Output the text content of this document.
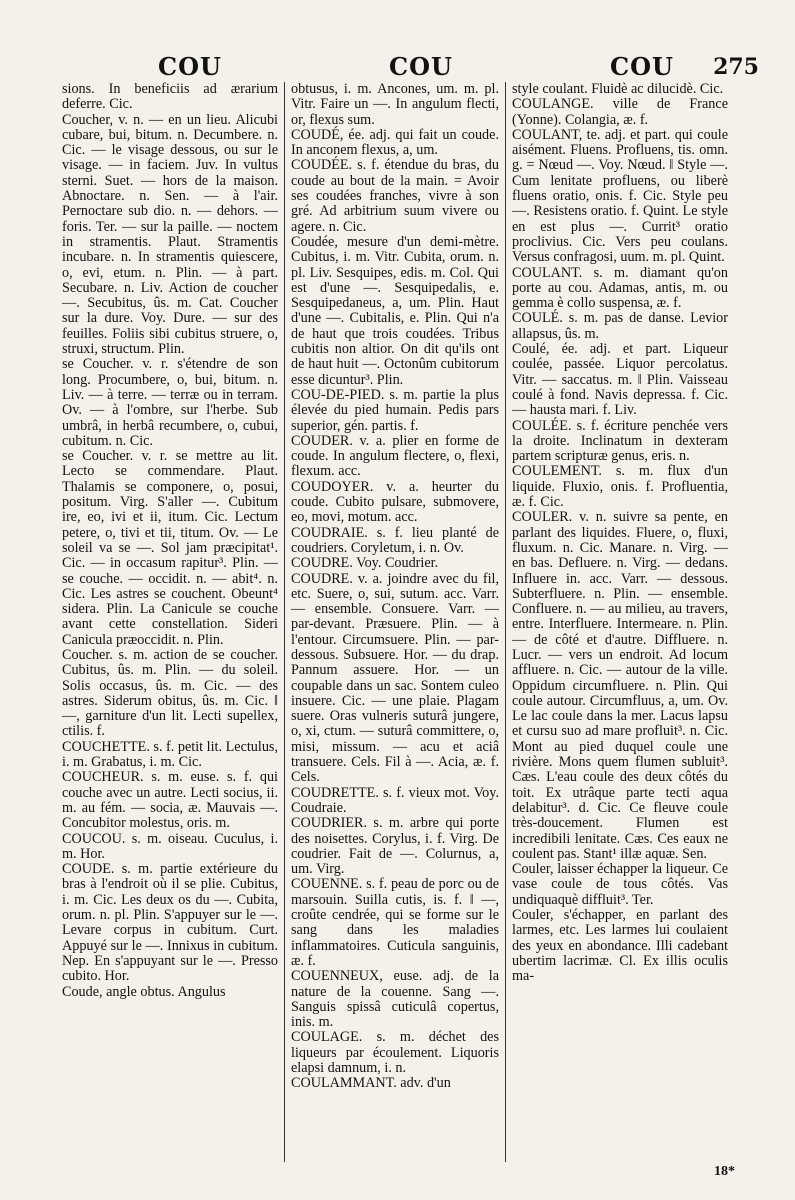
COU	COU	COU 275

sions. In beneficiis ad ærarium deferre. Cic.

Coucher, v. n. — en un lieu. Alicubi cubare, bui, bitum. n. Decumbere. n. Cic. — le visage dessous, ou sur le visage. — in faciem. Juv. In vultus sterni. Suet. — hors de la maison. Abnoctare. n. Sen. — à l'air. Pernoctare sub dio. n. — dehors. — foris. Ter. — sur la paille. — noctem in stramentis. Plaut. Stramentis incubare. n. In stramentis quiescere, o, evi, etum. n. Plin. — à part. Secubare. n. Liv. Action de coucher —. Secubitus, ûs. m. Cat. Coucher sur la dure. Voy. Dure. — sur des feuilles. Foliis sibi cubitus struere, o, struxi, structum. Plin.

se Coucher. v. r. s'étendre de son long. Procumbere, o, bui, bitum. n. Liv. — à terre. — terræ ou in terram. Ov. — à l'ombre, sur l'herbe. Sub umbrâ, in herbâ recumbere, o, cubui, cubitum. n. Cic.

se Coucher. v. r. se mettre au lit. Lecto se commendare. Plaut. Thalamis se componere, o, posui, positum. Virg. S'aller —. Cubitum ire, eo, ivi et ii, itum. Cic. Lectum petere, o, tivi et tii, titum. Ov. — Le soleil va se —. Sol jam præcipitat¹. Cic. — in occasum rapitur³. Plin. — se couche. — occidit. n. — abit⁴. n. Cic. Les astres se couchent. Obeunt⁴ sidera. Plin. La Canicule se couche avant cette constellation. Sideri Canicula præoccidit. n. Plin.

Coucher. s. m. action de se coucher. Cubitus, ûs. m. Plin. — du soleil. Solis occasus, ûs. m. Cic. — des astres. Siderum obitus, ûs. m. Cic. ‖ —, garniture d'un lit. Lecti supellex, ctilis. f.

COUCHETTE. s. f. petit lit. Lectulus, i. m. Grabatus, i. m. Cic.

COUCHEUR. s. m. euse. s. f. qui couche avec un autre. Lecti socius, ii. m. au fém. — socia, æ. Mauvais —. Concubitor molestus, oris. m.

COUCOU. s. m. oiseau. Cuculus, i. m. Hor.

COUDE. s. m. partie extérieure du bras à l'endroit où il se plie. Cubitus, i. m. Cic. Les deux os du —. Cubita, orum. n. pl. Plin. S'appuyer sur le —. Levare corpus in cubitum. Curt. Appuyé sur le —. Innixus in cubitum. Nep. En s'appuyant sur le —. Presso cubito. Hor.

Coude, angle obtus. Angulus

obtusus, i. m. Ancones, um. m. pl. Vitr. Faire un —. In angulum flecti, or, flexus sum.

COUDÉ, ée. adj. qui fait un coude. In anconem flexus, a, um.

COUDÉE. s. f. étendue du bras, du coude au bout de la main. = Avoir ses coudées franches, vivre à son gré. Ad arbitrium suum vivere ou agere. n. Cic.

Coudée, mesure d'un demi-mètre. Cubitus, i. m. Vitr. Cubita, orum. n. pl. Liv. Sesquipes, edis. m. Col. Qui est d'une —. Sesquipedalis, e. Sesquipedaneus, a, um. Plin. Haut d'une —. Cubitalis, e. Plin. Qui n'a de haut que trois coudées. Tribus cubitis non altior. On dit qu'ils ont de haut huit —. Octonûm cubitorum esse dicuntur³. Plin.

COU-DE-PIED. s. m. partie la plus élevée du pied humain. Pedis pars superior, gén. partis. f.

COUDER. v. a. plier en forme de coude. In angulum flectere, o, flexi, flexum. acc.

COUDOYER. v. a. heurter du coude. Cubito pulsare, submovere, eo, movi, motum. acc.

COUDRAIE. s. f. lieu planté de coudriers. Coryletum, i. n. Ov.

COUDRE. Voy. Coudrier.

COUDRE. v. a. joindre avec du fil, etc. Suere, o, sui, sutum. acc. Varr. — ensemble. Consuere. Varr. — par-devant. Præsuere. Plin. — à l'entour. Circumsuere. Plin. — par-dessous. Subsuere. Hor. — du drap. Pannum assuere. Hor. — un coupable dans un sac. Sontem culeo insuere. Cic. — une plaie. Plagam suere. Oras vulneris suturâ jungere, o, xi, ctum. — suturâ committere, o, misi, missum. — acu et aciâ transuere. Cels. Fil à —. Acia, æ. f. Cels.

COUDRETTE. s. f. vieux mot. Voy. Coudraie.

COUDRIER. s. m. arbre qui porte des noisettes. Corylus, i. f. Virg. De coudrier. Fait de —. Colurnus, a, um. Virg.

COUENNE. s. f. peau de porc ou de marsouin. Suilla cutis, is. f. ‖ —, croûte cendrée, qui se forme sur le sang dans les maladies inflammatoires. Cuticula sanguinis, æ. f.

COUENNEUX, euse. adj. de la nature de la couenne. Sang —. Sanguis spissâ cuticulâ copertus, inis. m.

COULAGE. s. m. déchet des liqueurs par écoulement. Liquoris elapsi damnum, i. n.

COULAMMANT. adv. d'un

style coulant. Fluidè ac dilucidè. Cic.

COULANGE. ville de France (Yonne). Colangia, æ. f.

COULANT, te. adj. et part. qui coule aisément. Fluens. Profluens, tis. omn. g. = Nœud —. Voy. Nœud. ‖ Style —. Cum lenitate profluens, ou liberè fluens oratio, onis. f. Cic. Style peu —. Resistens oratio. f. Quint. Le style en est plus —. Currit³ oratio proclivius. Cic. Vers peu coulans. Versus confragosi, uum. m. pl. Quint.

COULANT. s. m. diamant qu'on porte au cou. Adamas, antis, m. ou gemma è collo suspensa, æ. f.

COULÉ. s. m. pas de danse. Levior allapsus, ûs. m.

Coulé, ée. adj. et part. Liqueur coulée, passée. Liquor percolatus. Vitr. — saccatus. m. ‖ Plin. Vaisseau coulé à fond. Navis depressa. f. Cic. — hausta mari. f. Liv.

COULÉE. s. f. écriture penchée vers la droite. Inclinatum in dexteram partem scripturæ genus, eris. n.

COULEMENT. s. m. flux d'un liquide. Fluxio, onis. f. Profluentia, æ. f. Cic.

COULER. v. n. suivre sa pente, en parlant des liquides. Fluere, o, fluxi, fluxum. n. Cic. Manare. n. Virg. — en bas. Defluere. n. Virg. — dedans. Influere in. acc. Varr. — dessous. Subterfluere. n. Plin. — ensemble. Confluere. n. — au milieu, au travers, entre. Interfluere. Intermeare. n. Plin. — de côté et d'autre. Diffluere. n. Lucr. — vers un endroit. Ad locum affluere. n. Cic. — autour de la ville. Oppidum circumfluere. n. Plin. Qui coule autour. Circumfluus, a, um. Ov. Le lac coule dans la mer. Lacus lapsu et cursu suo ad mare profluit³. n. Cic. Mont au pied duquel coule une rivière. Mons quem flumen subluit³. Cæs. L'eau coule des deux côtés du toit. Ex utrâque parte tecti aqua delabitur³. d. Cic. Ce fleuve coule très-doucement. Flumen est incredibili lenitate. Cæs. Ces eaux ne coulent pas. Stant¹ illæ aquæ. Sen.

Couler, laisser échapper la liqueur. Ce vase coule de tous côtés. Vas undiquaquè diffluit³. Ter.

Couler, s'échapper, en parlant des larmes, etc. Les larmes lui coulaient des yeux en abondance. Illi cadebant ubertim lacrimæ. Cl. Ex illis oculis ma-

18*
